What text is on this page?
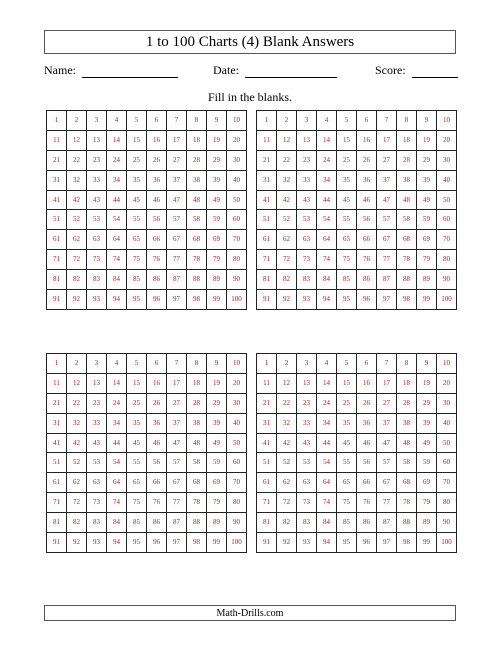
1 to 100 Charts (4) Blank Answers
Name:	Date:	Score:
Fill in the blanks.
1	2	3	4	5	6	7	8	9	10
11	12	13	14	15	16	17	18	19	20
21	22	23	24	25	26	27	28	29	30
31	32	33	34	35	36	37	38	39	40
41	42	43	44	45	46	47	48	49	50
51	52	53	54	55	56	57	58	59	60
61	62	63	64	65	66	67	68	69	70
71	72	73	74	75	76	77	78	79	80
81	82	83	84	85	86	87	88	89	90
91	92	93	94	95	96	97	98	99	100
1	2	3	4	5	6	7	8	9	10
11	12	13	14	15	16	17	18	19	20
21	22	23	24	25	26	27	28	29	30
31	32	33	34	35	36	37	38	39	40
41	42	43	44	45	46	47	48	49	50
51	52	53	54	55	56	57	58	59	60
61	62	63	64	65	66	67	68	69	70
71	72	73	74	75	76	77	78	79	80
81	82	83	84	85	86	87	88	89	90
91	92	93	94	95	96	97	98	99	100
1	2	3	4	5	6	7	8	9	10
11	12	13	14	15	16	17	18	19	20
21	22	23	24	25	26	27	28	29	30
31	32	33	34	35	36	37	38	39	40
41	42	43	44	45	46	47	48	49	50
51	52	53	54	55	56	57	58	59	60
61	62	63	64	65	66	67	68	69	70
71	72	73	74	75	76	77	78	79	80
81	82	83	84	85	86	87	88	89	90
91	92	93	94	95	96	97	98	99	100
1	2	3	4	5	6	7	8	9	10
11	12	13	14	15	16	17	18	19	20
21	22	23	24	25	26	27	28	29	30
31	32	33	34	35	36	37	38	39	40
41	42	43	44	45	46	47	48	49	50
51	52	53	54	55	56	57	58	59	60
61	62	63	64	65	66	67	68	69	70
71	72	73	74	75	76	77	78	79	80
81	82	83	84	85	86	87	88	89	90
91	92	93	94	95	96	97	98	99	100
Math-Drills.com
